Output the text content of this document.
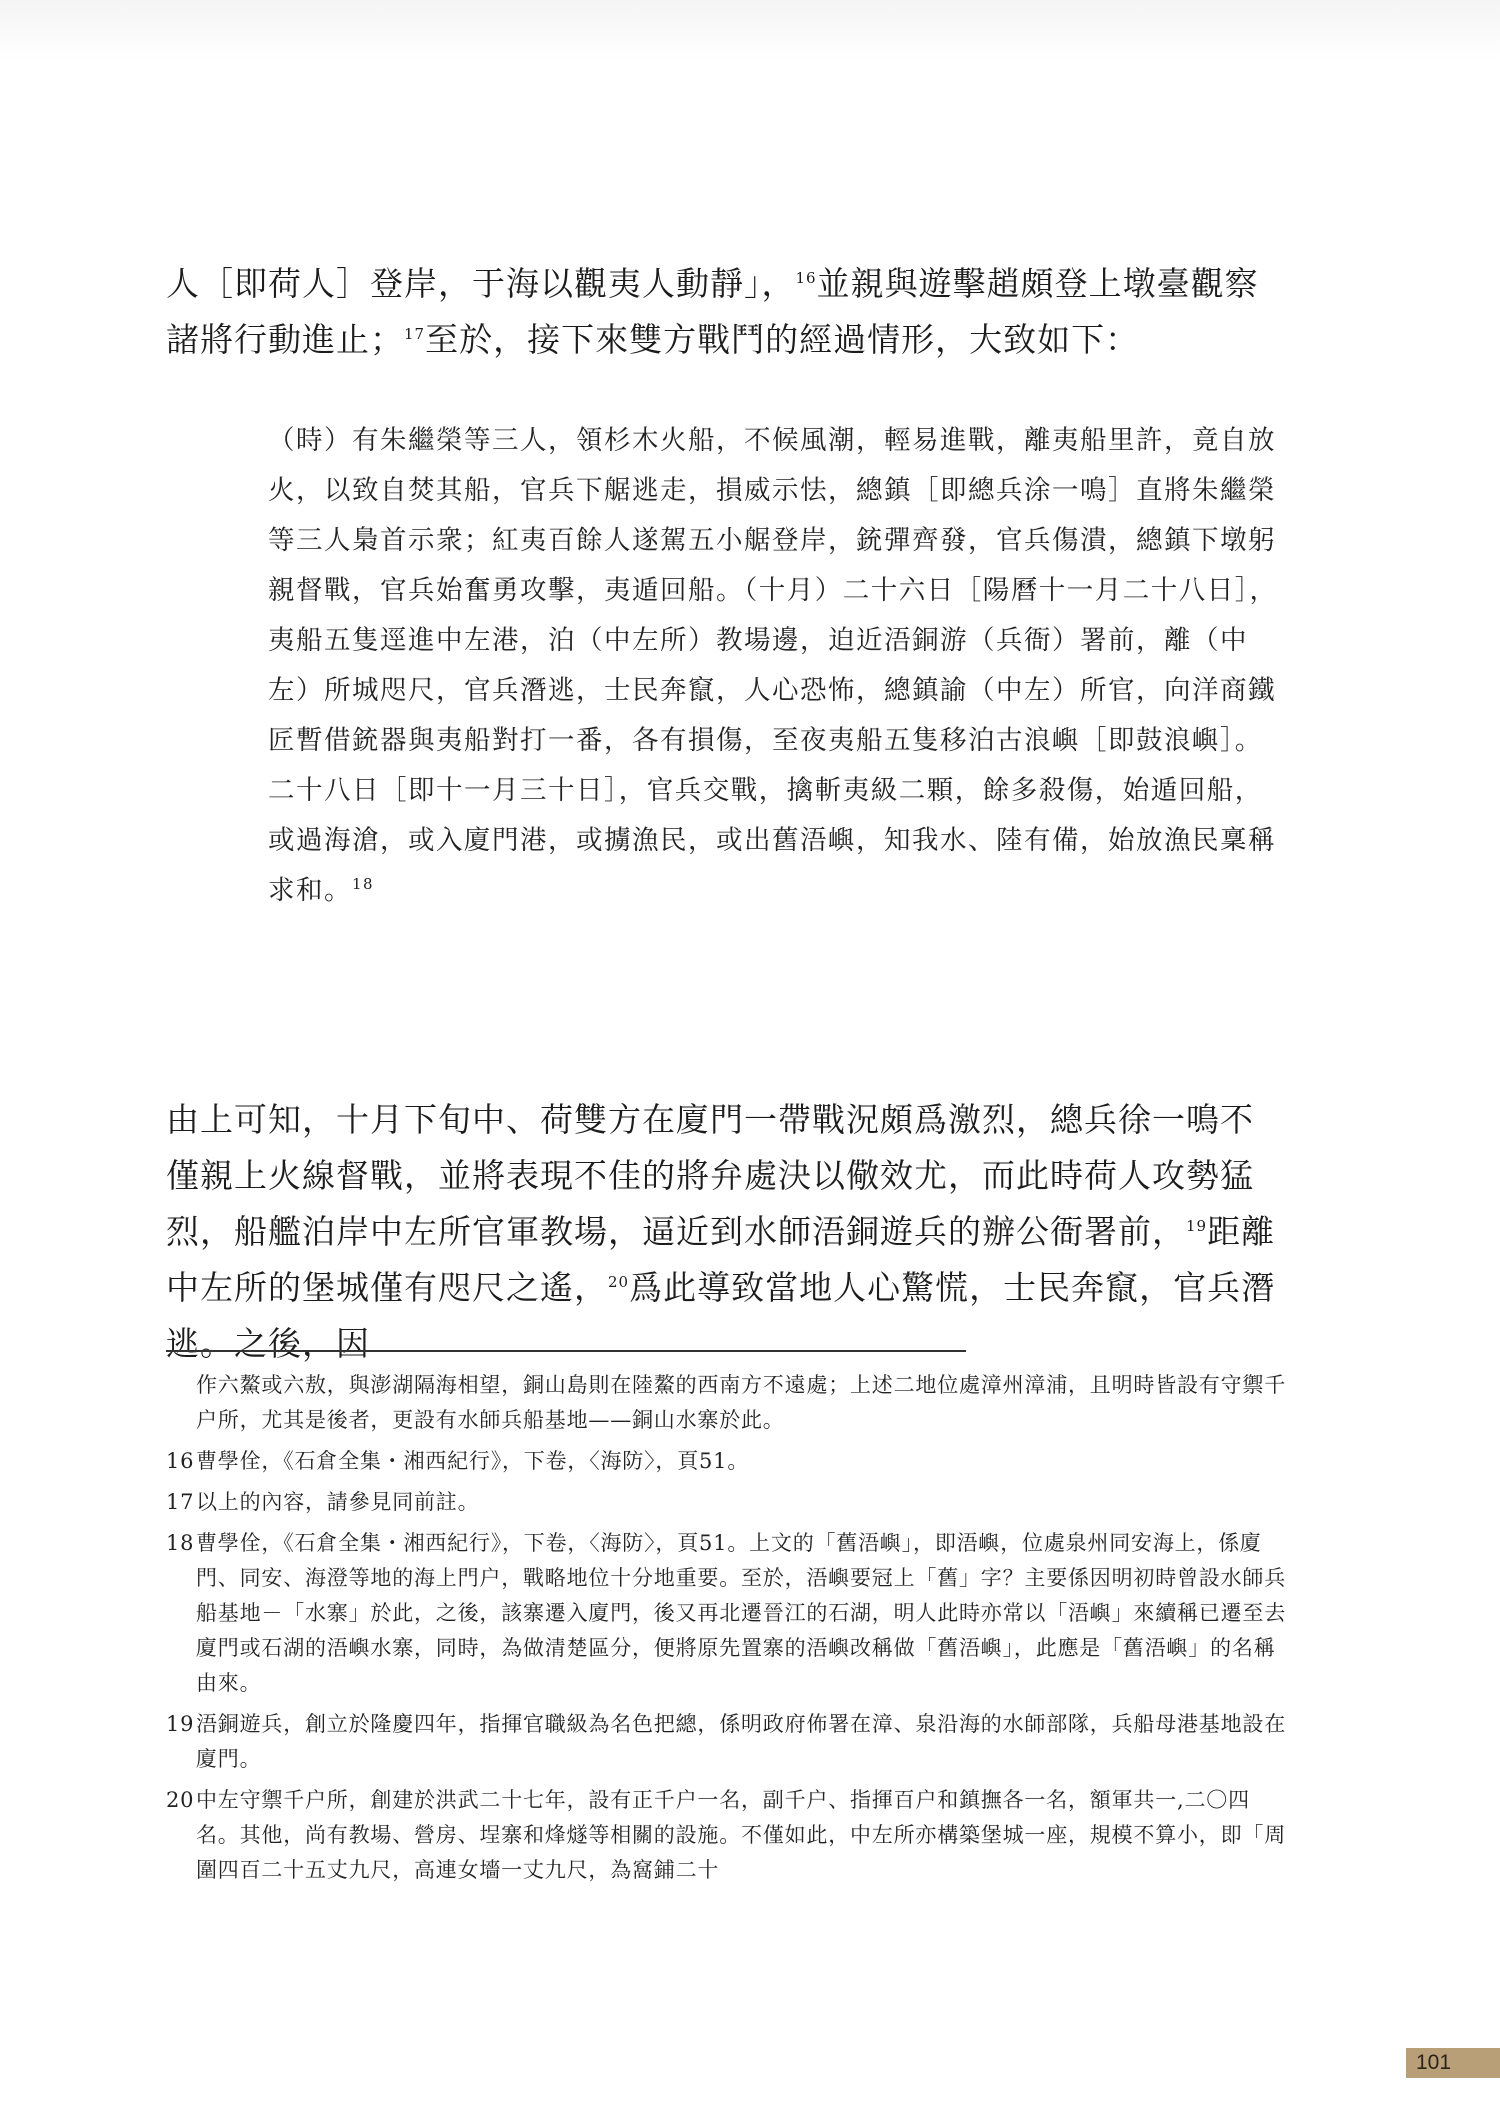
人［即荷人］登岸，于海以觀夷人動靜」，$^{16}$並親與遊擊趙頗登上墩臺觀察諸將行動進止；$^{17}$至於，接下來雙方戰鬥的經過情形，大致如下：

（時）有朱繼榮等三人，領杉木火船，不候風潮，輕易進戰，離夷船里許，竟自放火，以致自焚其船，官兵下艍逃走，損威示怯，總鎮［即總兵涂一鳴］直將朱繼榮等三人梟首示衆；紅夷百餘人遂駕五小艍登岸，銃彈齊發，官兵傷潰，總鎮下墩躬親督戰，官兵始奮勇攻擊，夷遁回船。（十月）二十六日［陽曆十一月二十八日］，夷船五隻逕進中左港，泊（中左所）教場邊，迫近浯銅游（兵衙）署前，離（中左）所城咫尺，官兵潛逃，士民奔竄，人心恐怖，總鎮諭（中左）所官，向洋商鐵匠暫借銃器與夷船對打一番，各有損傷，至夜夷船五隻移泊古浪嶼［即鼓浪嶼］。二十八日［即十一月三十日］，官兵交戰，擒斬夷級二顆，餘多殺傷，始遁回船，或過海滄，或入廈門港，或擄漁民，或出舊浯嶼，知我水、陸有備，始放漁民稟稱求和。$^{18}$

由上可知，十月下旬中、荷雙方在廈門一帶戰況頗爲激烈，總兵徐一鳴不僅親上火線督戰，並將表現不佳的將弁處決以儆效尤，而此時荷人攻勢猛烈，船艦泊岸中左所官軍教場，逼近到水師浯銅遊兵的辦公衙署前，$^{19}$距離中左所的堡城僅有咫尺之遙，$^{20}$爲此導致當地人心驚慌，士民奔竄，官兵潛逃。之後，因

作六鰲或六敖，與澎湖隔海相望，銅山島則在陸鰲的西南方不遠處；上述二地位處漳州漳浦，且明時皆設有守禦千户所，尤其是後者，更設有水師兵船基地——銅山水寨於此。
16 曹學佺，《石倉全集・湘西紀行》，下卷，〈海防〉，頁51。
17 以上的內容，請參見同前註。
18 曹學佺，《石倉全集・湘西紀行》，下卷，〈海防〉，頁51。上文的「舊浯嶼」，即浯嶼，位處泉州同安海上，係廈門、同安、海澄等地的海上門户，戰略地位十分地重要。至於，浯嶼要冠上「舊」字？主要係因明初時曾設水師兵船基地－「水寨」於此，之後，該寨遷入廈門，後又再北遷晉江的石湖，明人此時亦常以「浯嶼」來續稱已遷至去廈門或石湖的浯嶼水寨，同時，為做清楚區分，便將原先置寨的浯嶼改稱做「舊浯嶼」，此應是「舊浯嶼」的名稱由來。
19 浯銅遊兵，創立於隆慶四年，指揮官職級為名色把總，係明政府佈署在漳、泉沿海的水師部隊，兵船母港基地設在廈門。
20 中左守禦千户所，創建於洪武二十七年，設有正千户一名，副千户、指揮百户和鎮撫各一名，額軍共一,二〇四名。其他，尚有教場、營房、埕寨和烽燧等相關的設施。不僅如此，中左所亦構築堡城一座，規模不算小，即「周圍四百二十五丈九尺，高連女墻一丈九尺，為窩鋪二十
101
